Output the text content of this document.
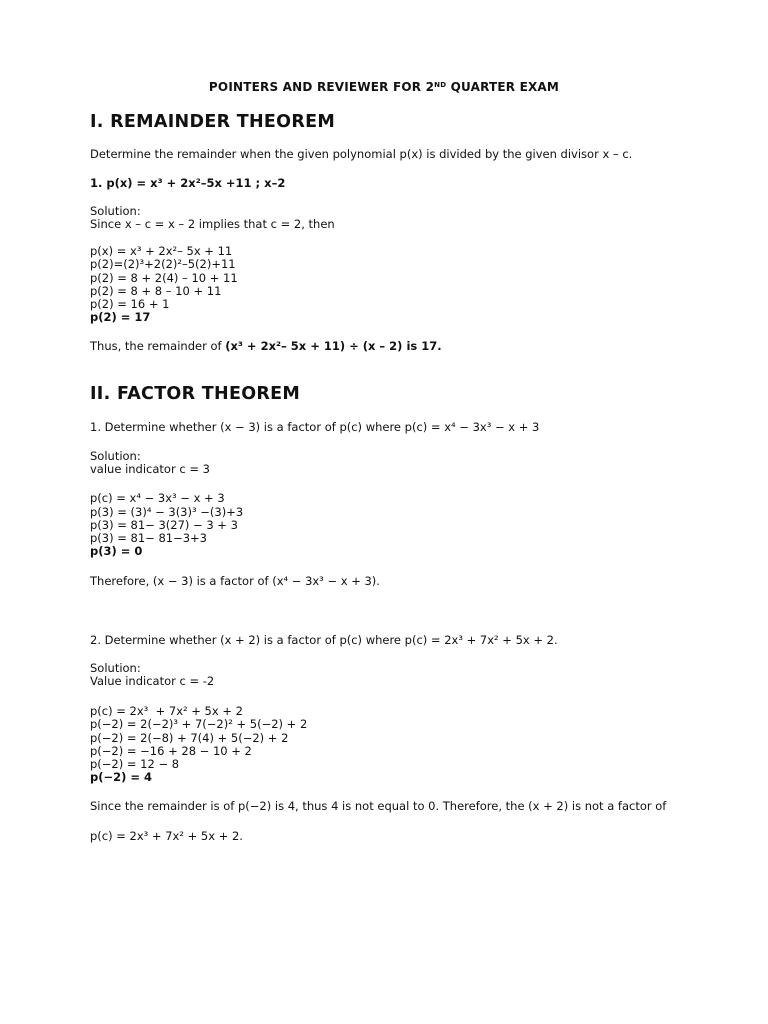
POINTERS AND REVIEWER FOR 2ND QUARTER EXAM
I. REMAINDER THEOREM
Determine the remainder when the given polynomial p(x) is divided by the given divisor x – c.
1. p(x) = x³ + 2x²–5x +11 ; x–2
Solution:
Since x – c = x – 2 implies that c = 2, then
p(x) = x³ + 2x²– 5x + 11
p(2)=(2)³+2(2)²–5(2)+11
p(2) = 8 + 2(4) – 10 + 11
p(2) = 8 + 8 – 10 + 11
p(2) = 16 + 1
p(2) = 17
Thus, the remainder of (x³ + 2x²– 5x + 11) ÷ (x – 2) is 17.
II. FACTOR THEOREM
1. Determine whether (x − 3) is a factor of p(c) where p(c) = x⁴ − 3x³ − x + 3
Solution:
value indicator c = 3
p(c) = x⁴ − 3x³ − x + 3
p(3) = (3)⁴ − 3(3)³ −(3)+3
p(3) = 81− 3(27) − 3 + 3
p(3) = 81− 81−3+3
p(3) = 0
Therefore, (x − 3) is a factor of (x⁴ − 3x³ − x + 3).
2. Determine whether (x + 2) is a factor of p(c) where p(c) = 2x³ + 7x² + 5x + 2.
Solution:
Value indicator c = -2
p(c) = 2x³  + 7x² + 5x + 2
p(−2) = 2(−2)³ + 7(−2)² + 5(−2) + 2
p(−2) = 2(−8) + 7(4) + 5(−2) + 2
p(−2) = −16 + 28 − 10 + 2
p(−2) = 12 − 8
p(−2) = 4
Since the remainder is of p(−2) is 4, thus 4 is not equal to 0. Therefore, the (x + 2) is not a factor of
p(c) = 2x³ + 7x² + 5x + 2.
